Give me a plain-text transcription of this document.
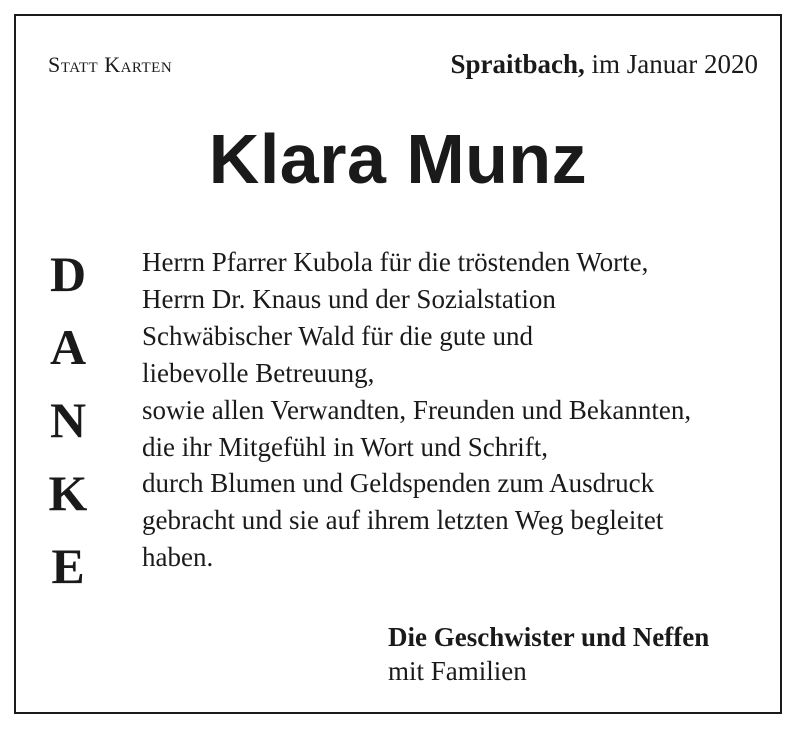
Statt Karten	Spraitbach, im Januar 2020
Klara Munz
D
A
N
K
E
Herrn Pfarrer Kubola für die tröstenden Worte,
Herrn Dr. Knaus und der Sozialstation
Schwäbischer Wald für die gute und
liebevolle Betreuung,
sowie allen Verwandten, Freunden und Bekannten,
die ihr Mitgefühl in Wort und Schrift,
durch Blumen und Geldspenden zum Ausdruck
gebracht und sie auf ihrem letzten Weg begleitet
haben.
Die Geschwister und Neffen
mit Familien
